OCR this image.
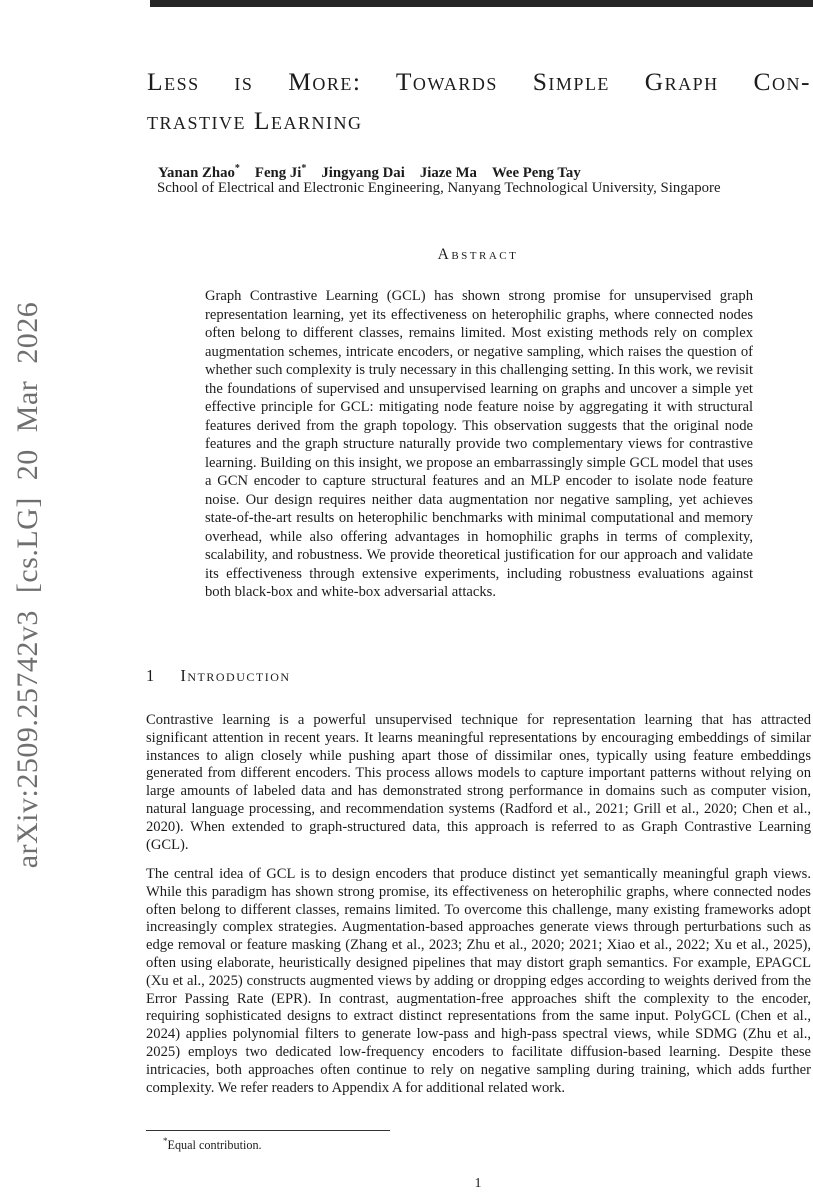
arXiv:2509.25742v3 [cs.LG] 20 Mar 2026
Less is More: Towards Simple Graph Con-
trastive Learning
Yanan Zhao* Feng Ji* Jingyang Dai Jiaze Ma Wee Peng Tay
School of Electrical and Electronic Engineering, Nanyang Technological University, Singapore
Abstract
Graph Contrastive Learning (GCL) has shown strong promise for unsupervised graph representation learning, yet its effectiveness on heterophilic graphs, where connected nodes often belong to different classes, remains limited. Most existing methods rely on complex augmentation schemes, intricate encoders, or negative sampling, which raises the question of whether such complexity is truly necessary in this challenging setting. In this work, we revisit the foundations of supervised and unsupervised learning on graphs and uncover a simple yet effective principle for GCL: mitigating node feature noise by aggregating it with structural features derived from the graph topology. This observation suggests that the original node features and the graph structure naturally provide two complementary views for contrastive learning. Building on this insight, we propose an embarrassingly simple GCL model that uses a GCN encoder to capture structural features and an MLP encoder to isolate node feature noise. Our design requires neither data augmentation nor negative sampling, yet achieves state-of-the-art results on heterophilic benchmarks with minimal computational and memory overhead, while also offering advantages in homophilic graphs in terms of complexity, scalability, and robustness. We provide theoretical justification for our approach and validate its effectiveness through extensive experiments, including robustness evaluations against both black-box and white-box adversarial attacks.
1 Introduction
Contrastive learning is a powerful unsupervised technique for representation learning that has attracted significant attention in recent years. It learns meaningful representations by encouraging embeddings of similar instances to align closely while pushing apart those of dissimilar ones, typically using feature embeddings generated from different encoders. This process allows models to capture important patterns without relying on large amounts of labeled data and has demonstrated strong performance in domains such as computer vision, natural language processing, and recommendation systems (Radford et al., 2021; Grill et al., 2020; Chen et al., 2020). When extended to graph-structured data, this approach is referred to as Graph Contrastive Learning (GCL).
The central idea of GCL is to design encoders that produce distinct yet semantically meaningful graph views. While this paradigm has shown strong promise, its effectiveness on heterophilic graphs, where connected nodes often belong to different classes, remains limited. To overcome this challenge, many existing frameworks adopt increasingly complex strategies. Augmentation-based approaches generate views through perturbations such as edge removal or feature masking (Zhang et al., 2023; Zhu et al., 2020; 2021; Xiao et al., 2022; Xu et al., 2025), often using elaborate, heuristically designed pipelines that may distort graph semantics. For example, EPAGCL (Xu et al., 2025) constructs augmented views by adding or dropping edges according to weights derived from the Error Passing Rate (EPR). In contrast, augmentation-free approaches shift the complexity to the encoder, requiring sophisticated designs to extract distinct representations from the same input. PolyGCL (Chen et al., 2024) applies polynomial filters to generate low-pass and high-pass spectral views, while SDMG (Zhu et al., 2025) employs two dedicated low-frequency encoders to facilitate diffusion-based learning. Despite these intricacies, both approaches often continue to rely on negative sampling during training, which adds further complexity. We refer readers to Appendix A for additional related work.
*Equal contribution.
1
